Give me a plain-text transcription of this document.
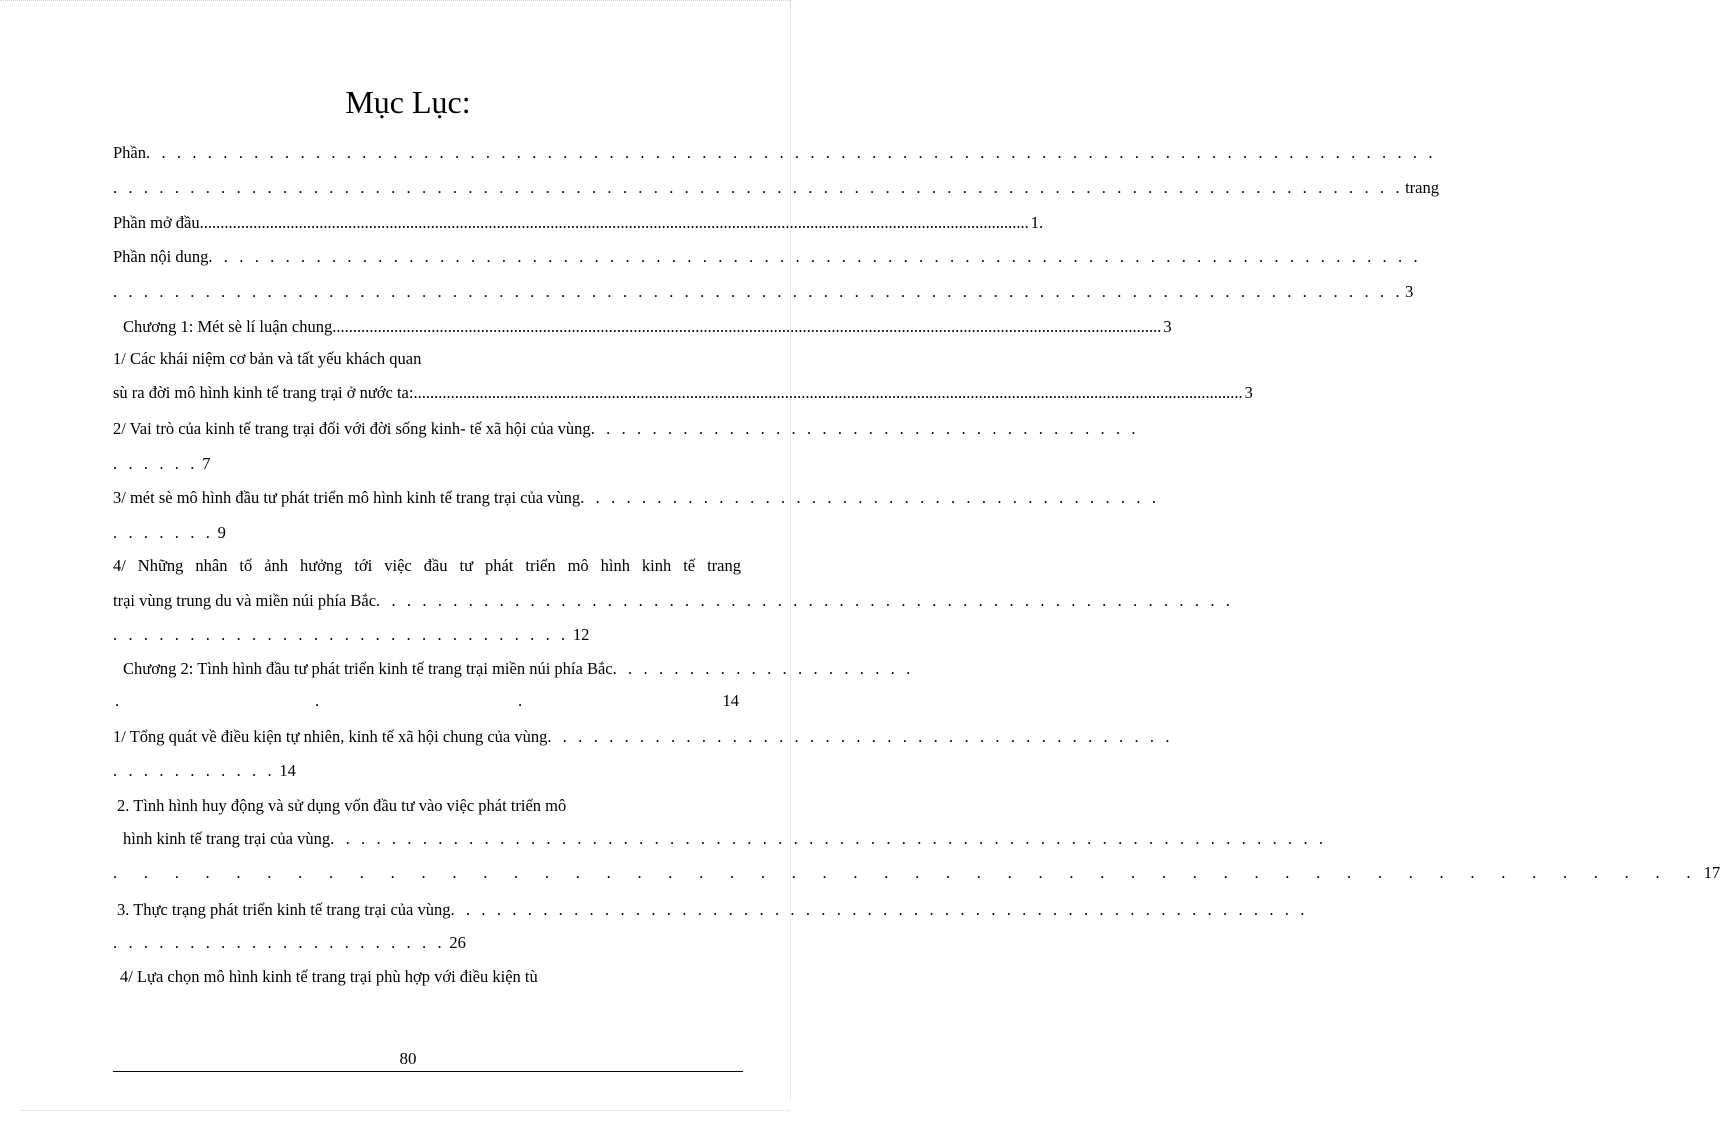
Mục Lục:
Phần . . . . . . . . . . . . . . . . . . . . . . . . . . . . . . . . . . . . . . . . . . . . . . . . . . . . . . . . . . . . . . . . . . . . . . . . . . . . . . . . . . . .
. . . . . . . . . . . . . . . . . . . . . . . . . . . . . . . . . . . . . . . . . . . . . . . . . . . . . . . . . . . . . . . . . . . . . . . . . . . . . . . . . . . . trang
Phần mở đầu ......................................................................................................................................................................................................... 1.
Phần nội dung . . . . . . . . . . . . . . . . . . . . . . . . . . . . . . . . . . . . . . . . . . . . . . . . . . . . . . . . . . . . . . . . . . . . . . . . . . . . . . .
. . . . . . . . . . . . . . . . . . . . . . . . . . . . . . . . . . . . . . . . . . . . . . . . . . . . . . . . . . . . . . . . . . . . . . . . . . . . . . . . . . . . 3
Chương 1: Mét sè lí luận chung ......................................................................................................................................................................................................... 3
1/ Các khái niệm cơ bản và tất yếu khách quan
sù ra đời mô hình kinh tế trang trại ở nước ta: ......................................................................................................................................................................................................... 3
2/ Vai trò của kinh tế trang trại đối với đời sống kinh- tế xã hội của vùng . . . . . . . . . . . . . . . . . . . . . . . . . . . . . . . . . . . .
. . . . . . 7
3/ mét sè mô hình đầu tư phát triển mô hình kinh tế trang trại của vùng . . . . . . . . . . . . . . . . . . . . . . . . . . . . . . . . . . . . . .
. . . . . . . 9
4/ Những nhân tố ảnh hưởng tới việc đầu tư phát triển mô hình kinh tế trang
trại vùng trung du và miền núi phía Bắc . . . . . . . . . . . . . . . . . . . . . . . . . . . . . . . . . . . . . . . . . . . . . . . . . . . . . . . .
. . . . . . . . . . . . . . . . . . . . . . . . . . . . . . 12
Chương 2: Tình hình đầu tư phát triển kinh tế trang trại miền núi phía Bắc . . . . . . . . . . . . . . . . . . . .
.	.	.	14
1/ Tổng quát về điều kiện tự nhiên, kinh tế xã hội chung của vùng . . . . . . . . . . . . . . . . . . . . . . . . . . . . . . . . . . . . . . . . .
. . . . . . . . . . . 14
2. Tình hình huy động và sử dụng vốn đầu tư vào việc phát triển mô
hình kinh tế trang trại của vùng . . . . . . . . . . . . . . . . . . . . . . . . . . . . . . . . . . . . . . . . . . . . . . . . . . . . . . . . . . . . . . . . .
. . . . . . . . . . . . . . . . . . . . . . . . . . . . . . . . . . . . . . . . . . . . . . . . . . . . 17
3. Thực trạng phát triển kinh tế trang trại của vùng . . . . . . . . . . . . . . . . . . . . . . . . . . . . . . . . . . . . . . . . . . . . . . . . . . . . . . . .
. . . . . . . . . . . . . . . . . . . . . . 26
4/ Lựa chọn mô hình kinh tế trang trại phù hợp với điều kiện tù
80
